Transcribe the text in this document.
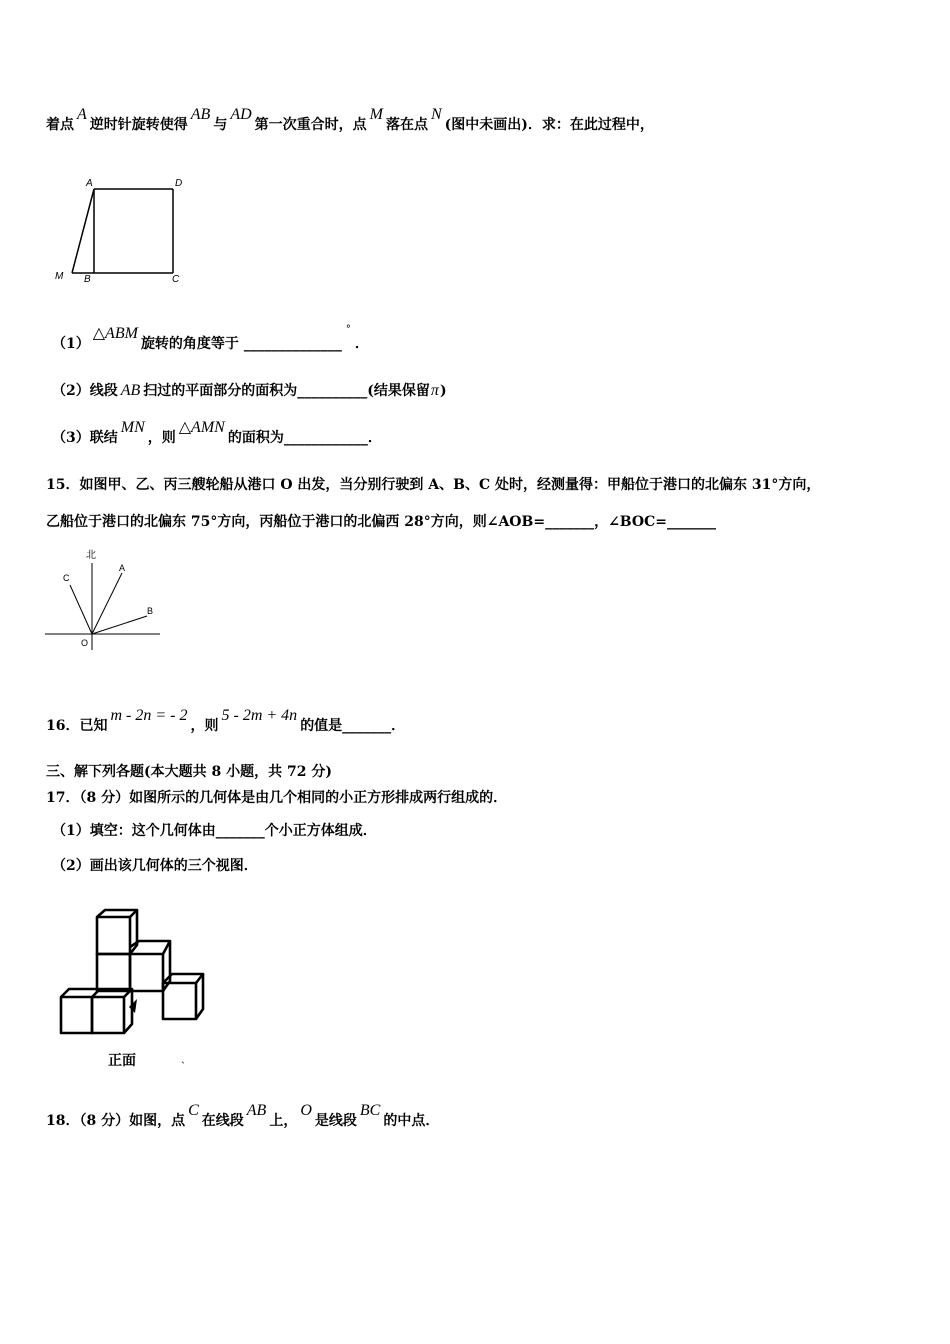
着点A逆时针旋转使得AB与AD第一次重合时，点M落在点N(图中未画出)．求：在此过程中，
A	D
M B	C
（1）△ABM旋转的角度等于 ______________°．
（2）线段 AB 扫过的平面部分的面积为__________(结果保留π)
（3）联结MN，则△AMN的面积为____________．
15．如图甲、乙、丙三艘轮船从港口 O 出发，当分别行驶到 A、B、C 处时，经测量得：甲船位于港口的北偏东 31°方向，
乙船位于港口的北偏东 75°方向，丙船位于港口的北偏西 28°方向，则∠AOB=_______，∠BOC=_______
北
A
B
C
O
16．已知m - 2n = - 2，则5 - 2m + 4n的值是_______．
三、解下列各题(本大题共 8 小题，共 72 分)
17．（8 分）如图所示的几何体是由几个相同的小正方形排成两行组成的．
（1）填空：这个几何体由_______个小正方体组成．
（2）画出该几何体的三个视图．
正面	ˎ
18．（8 分）如图，点C在线段AB上，O是线段BC的中点．
